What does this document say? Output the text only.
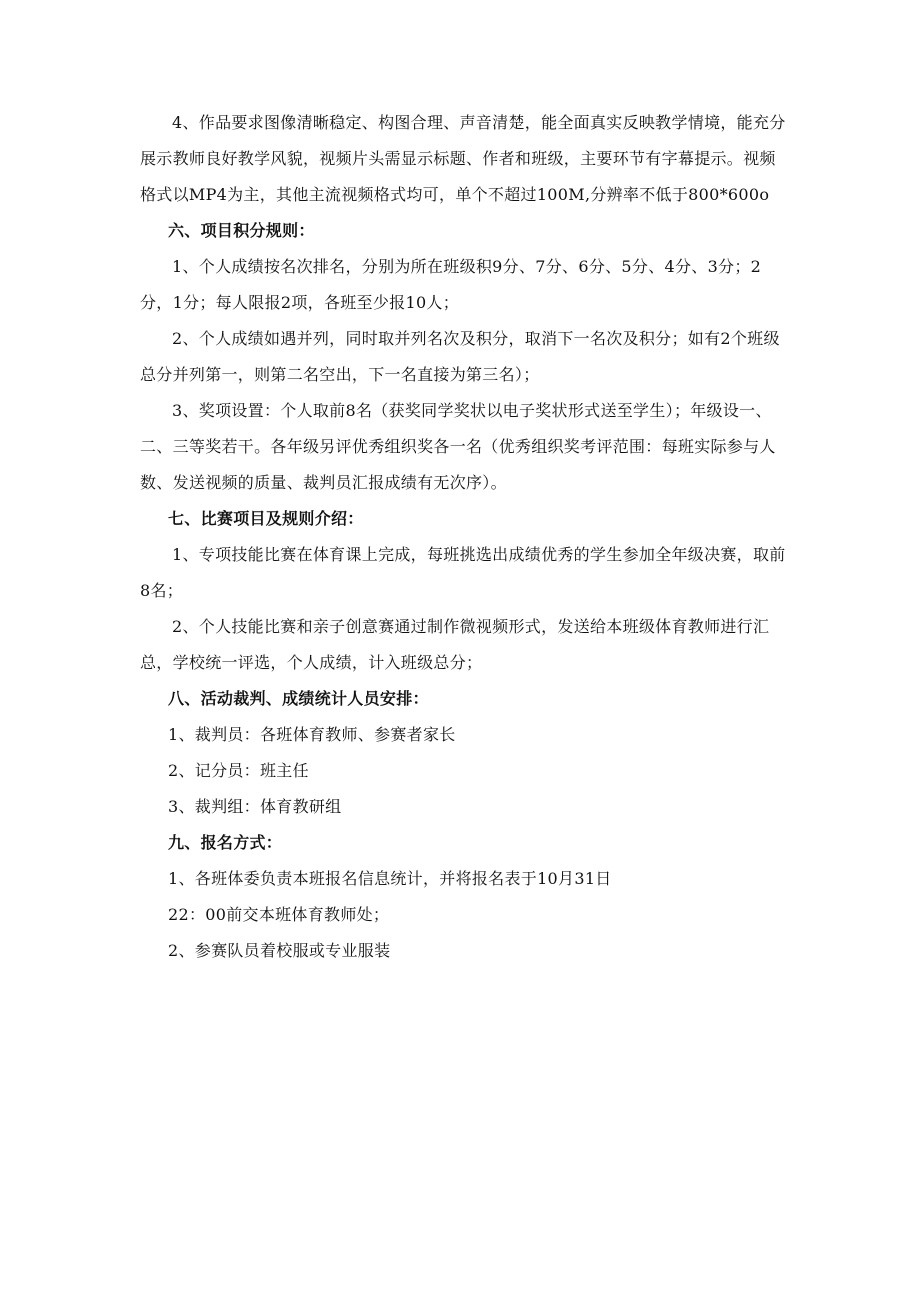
4、作品要求图像清晰稳定、构图合理、声音清楚，能全面真实反映教学情境，能充分展示教师良好教学风貌，视频片头需显示标题、作者和班级，主要环节有字幕提示。视频格式以MP4为主，其他主流视频格式均可，单个不超过100M,分辨率不低于800*600o

六、项目积分规则：

1、个人成绩按名次排名，分别为所在班级积9分、7分、6分、5分、4分、3分；2分，1分；每人限报2项，各班至少报10人；

2、个人成绩如遇并列，同时取并列名次及积分，取消下一名次及积分；如有2个班级总分并列第一，则第二名空出，下一名直接为第三名）；

3、奖项设置：个人取前8名（获奖同学奖状以电子奖状形式送至学生）；年级设一、二、三等奖若干。各年级另评优秀组织奖各一名（优秀组织奖考评范围：每班实际参与人数、发送视频的质量、裁判员汇报成绩有无次序）。

七、比赛项目及规则介绍：

1、专项技能比赛在体育课上完成，每班挑选出成绩优秀的学生参加全年级决赛，取前8名；

2、个人技能比赛和亲子创意赛通过制作微视频形式，发送给本班级体育教师进行汇总，学校统一评选，个人成绩，计入班级总分；

八、活动裁判、成绩统计人员安排：

1、裁判员：各班体育教师、参赛者家长

2、记分员：班主任

3、裁判组：体育教研组

九、报名方式：

1、各班体委负责本班报名信息统计，并将报名表于10月31日

22：00前交本班体育教师处；

2、参赛队员着校服或专业服装
